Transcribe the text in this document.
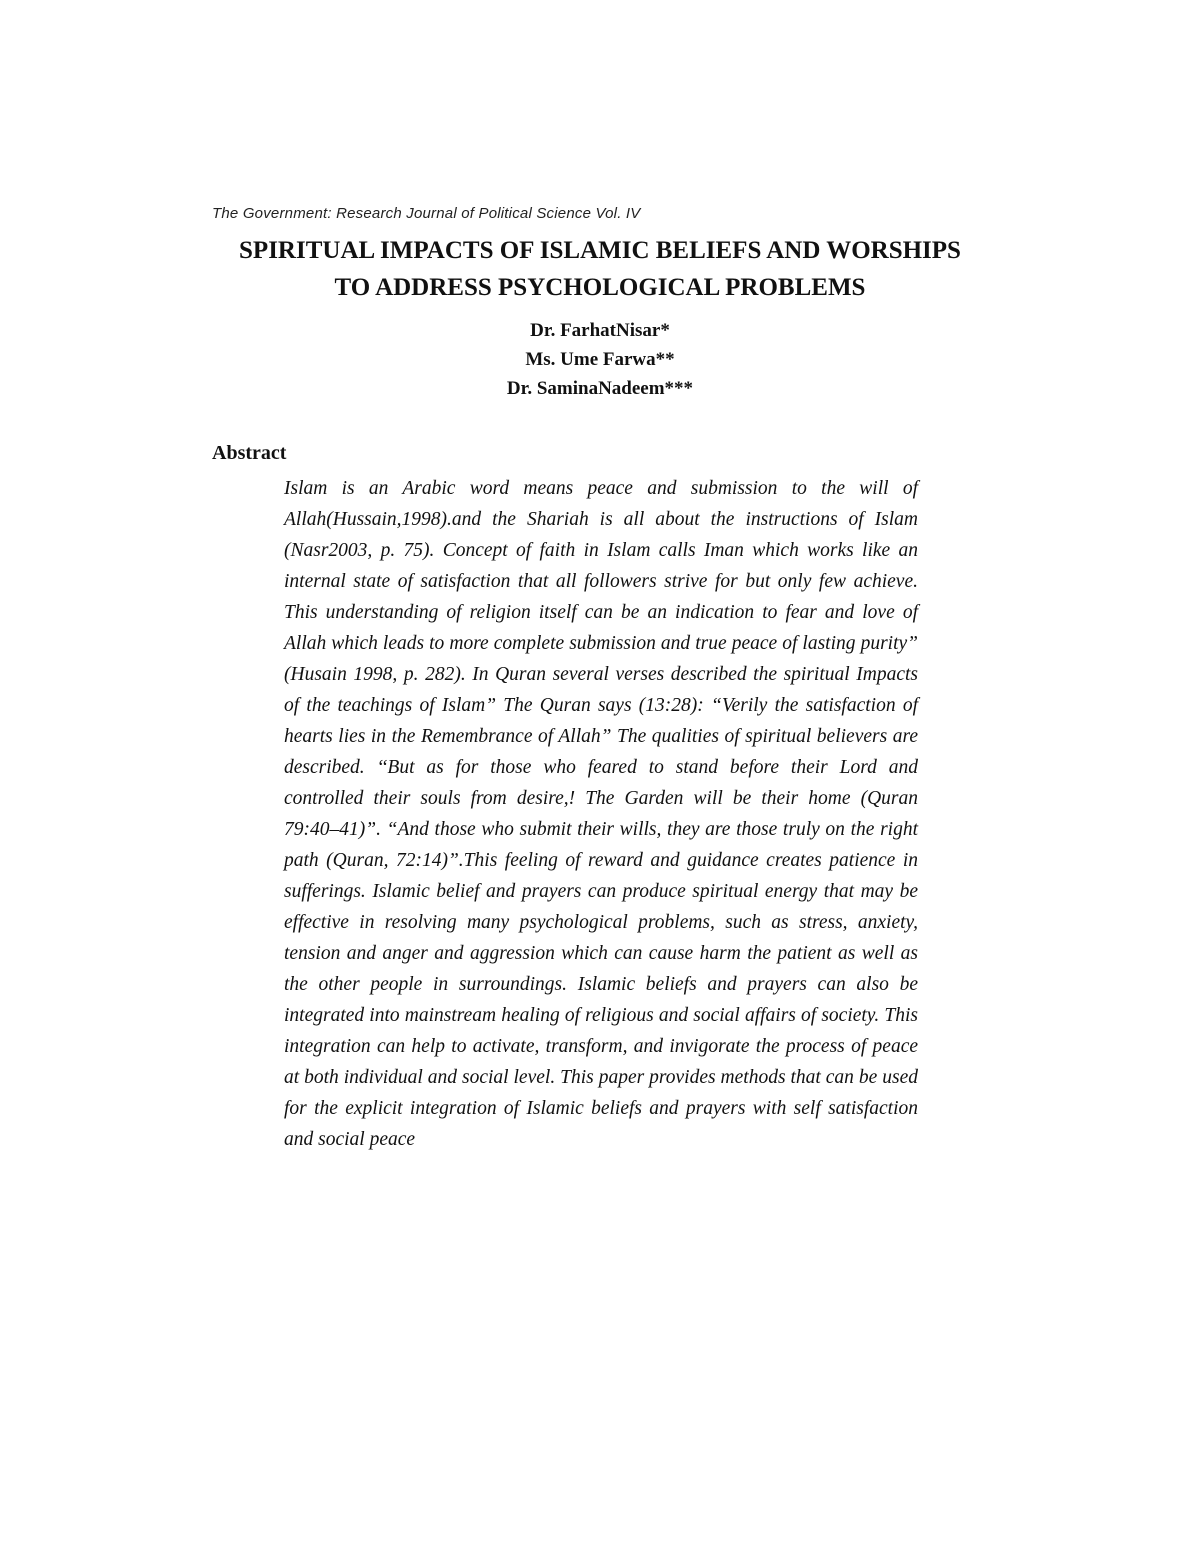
The Government: Research Journal of Political Science Vol. IV
SPIRITUAL IMPACTS OF ISLAMIC BELIEFS AND WORSHIPS
TO ADDRESS PSYCHOLOGICAL PROBLEMS
Dr. FarhatNisar*
Ms. Ume Farwa**
Dr. SaminaNadeem***
Abstract

Islam is an Arabic word means peace and submission to the will of Allah(Hussain,1998).and the Shariah is all about the instructions of Islam (Nasr2003, p. 75). Concept of faith in Islam calls Iman which works like an internal state of satisfaction that all followers strive for but only few achieve. This understanding of religion itself can be an indication to fear and love of Allah which leads to more complete submission and true peace of lasting purity” (Husain 1998, p. 282). In Quran several verses described the spiritual Impacts of the teachings of Islam” The Quran says (13:28): “Verily the satisfaction of hearts lies in the Remembrance of Allah” The qualities of spiritual believers are described. ‘‘But as for those who feared to stand before their Lord and controlled their souls from desire,! The Garden will be their home (Quran 79:40–41)”. “And those who submit their wills, they are those truly on the right path (Quran, 72:14)”.This feeling of reward and guidance creates patience in sufferings. Islamic belief and prayers can produce spiritual energy that may be effective in resolving many psychological problems, such as stress, anxiety, tension and anger and aggression which can cause harm the patient as well as the other people in surroundings. Islamic beliefs and prayers can also be integrated into mainstream healing of religious and social affairs of society. This integration can help to activate, transform, and invigorate the process of peace at both individual and social level. This paper provides methods that can be used for the explicit integration of Islamic beliefs and prayers with self satisfaction and social peace
